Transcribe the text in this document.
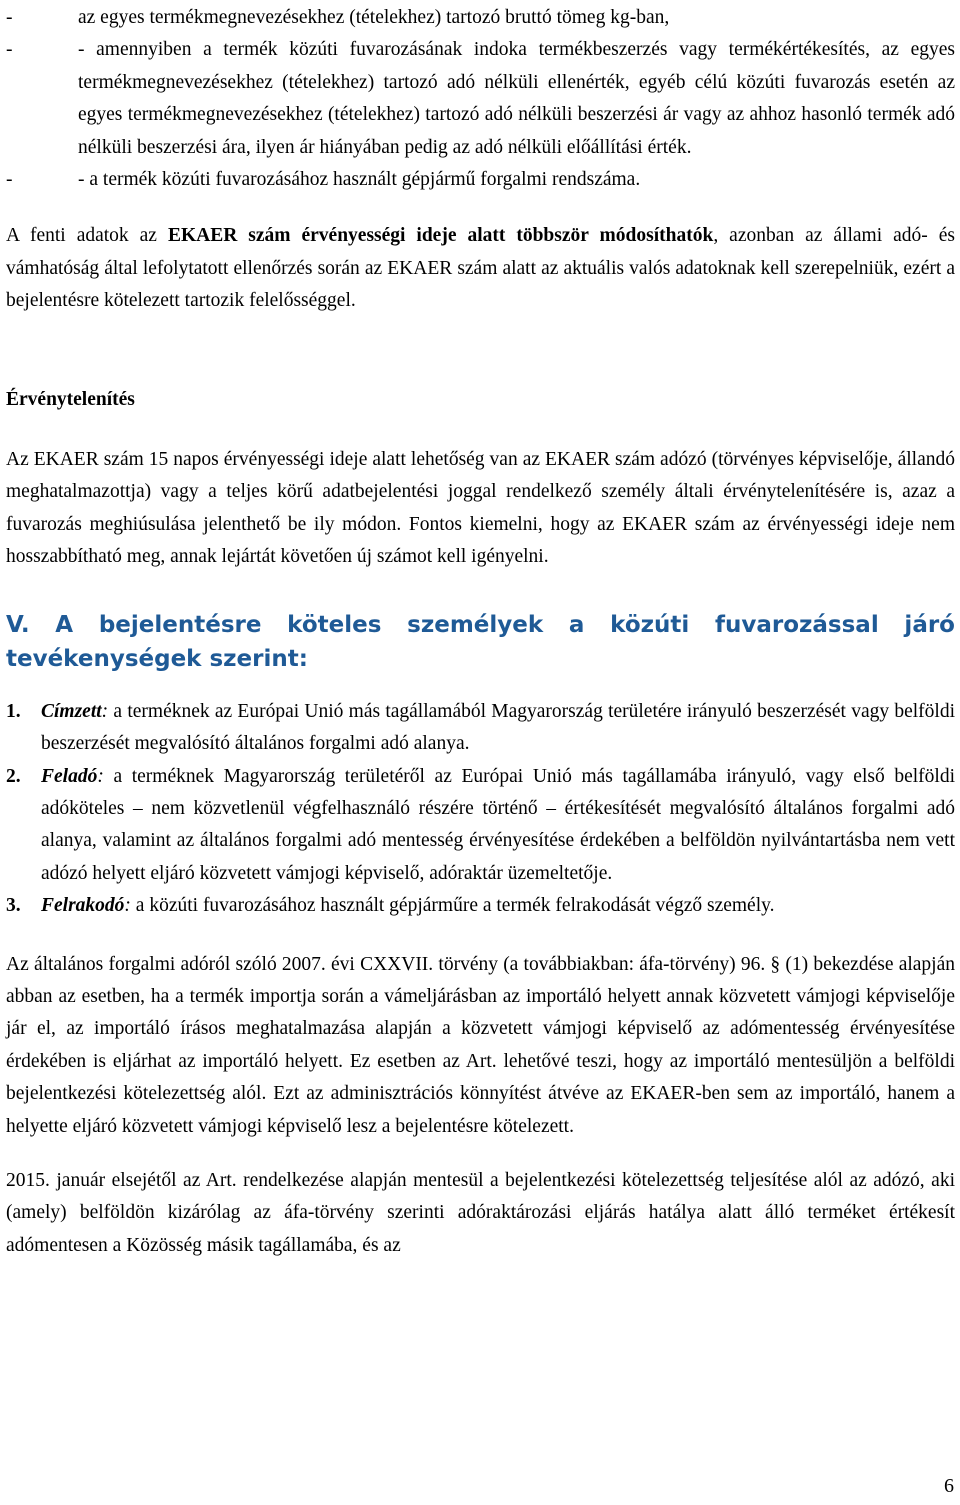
-	az egyes termékmegnevezésekhez (tételekhez) tartozó bruttó tömeg kg-ban,
-	- amennyiben a termék közúti fuvarozásának indoka termékbeszerzés vagy termékértékesítés, az egyes termékmegnevezésekhez (tételekhez) tartozó adó nélküli ellenérték, egyéb célú közúti fuvarozás esetén az egyes termékmegnevezésekhez (tételekhez) tartozó adó nélküli beszerzési ár vagy az ahhoz hasonló termék adó nélküli beszerzési ára, ilyen ár hiányában pedig az adó nélküli előállítási érték.
-	- a termék közúti fuvarozásához használt gépjármű forgalmi rendszáma.

A fenti adatok az EKAER szám érvényességi ideje alatt többször módosíthatók, azonban az állami adó- és vámhatóság által lefolytatott ellenőrzés során az EKAER szám alatt az aktuális valós adatoknak kell szerepelniük, ezért a bejelentésre kötelezett tartozik felelősséggel.

Érvénytelenítés

Az EKAER szám 15 napos érvényességi ideje alatt lehetőség van az EKAER szám adózó (törvényes képviselője, állandó meghatalmazottja) vagy a teljes körű adatbejelentési joggal rendelkező személy általi érvénytelenítésére is, azaz a fuvarozás meghiúsulása jelenthető be ily módon. Fontos kiemelni, hogy az EKAER szám az érvényességi ideje nem hosszabbítható meg, annak lejártát követően új számot kell igényelni.

V. A bejelentésre köteles személyek a közúti fuvarozással járó tevékenységek szerint:
1. Címzett: a terméknek az Európai Unió más tagállamából Magyarország területére irányuló beszerzését vagy belföldi beszerzését megvalósító általános forgalmi adó alanya.
2. Feladó: a terméknek Magyarország területéről az Európai Unió más tagállamába irányuló, vagy első belföldi adóköteles – nem közvetlenül végfelhasználó részére történő – értékesítését megvalósító általános forgalmi adó alanya, valamint az általános forgalmi adó mentesség érvényesítése érdekében a belföldön nyilvántartásba nem vett adózó helyett eljáró közvetett vámjogi képviselő, adóraktár üzemeltetője.
3. Felrakodó: a közúti fuvarozásához használt gépjárműre a termék felrakodását végző személy.

Az általános forgalmi adóról szóló 2007. évi CXXVII. törvény (a továbbiakban: áfa-törvény) 96. § (1) bekezdése alapján abban az esetben, ha a termék importja során a vámeljárásban az importáló helyett annak közvetett vámjogi képviselője jár el, az importáló írásos meghatalmazása alapján a közvetett vámjogi képviselő az adómentesség érvényesítése érdekében is eljárhat az importáló helyett. Ez esetben az Art. lehetővé teszi, hogy az importáló mentesüljön a belföldi bejelentkezési kötelezettség alól. Ezt az adminisztrációs könnyítést átvéve az EKAER-ben sem az importáló, hanem a helyette eljáró közvetett vámjogi képviselő lesz a bejelentésre kötelezett.

2015. január elsejétől az Art. rendelkezése alapján mentesül a bejelentkezési kötelezettség teljesítése alól az adózó, aki (amely) belföldön kizárólag az áfa-törvény szerinti adóraktározási eljárás hatálya alatt álló terméket értékesít adómentesen a Közösség másik tagállamába, és az

6
